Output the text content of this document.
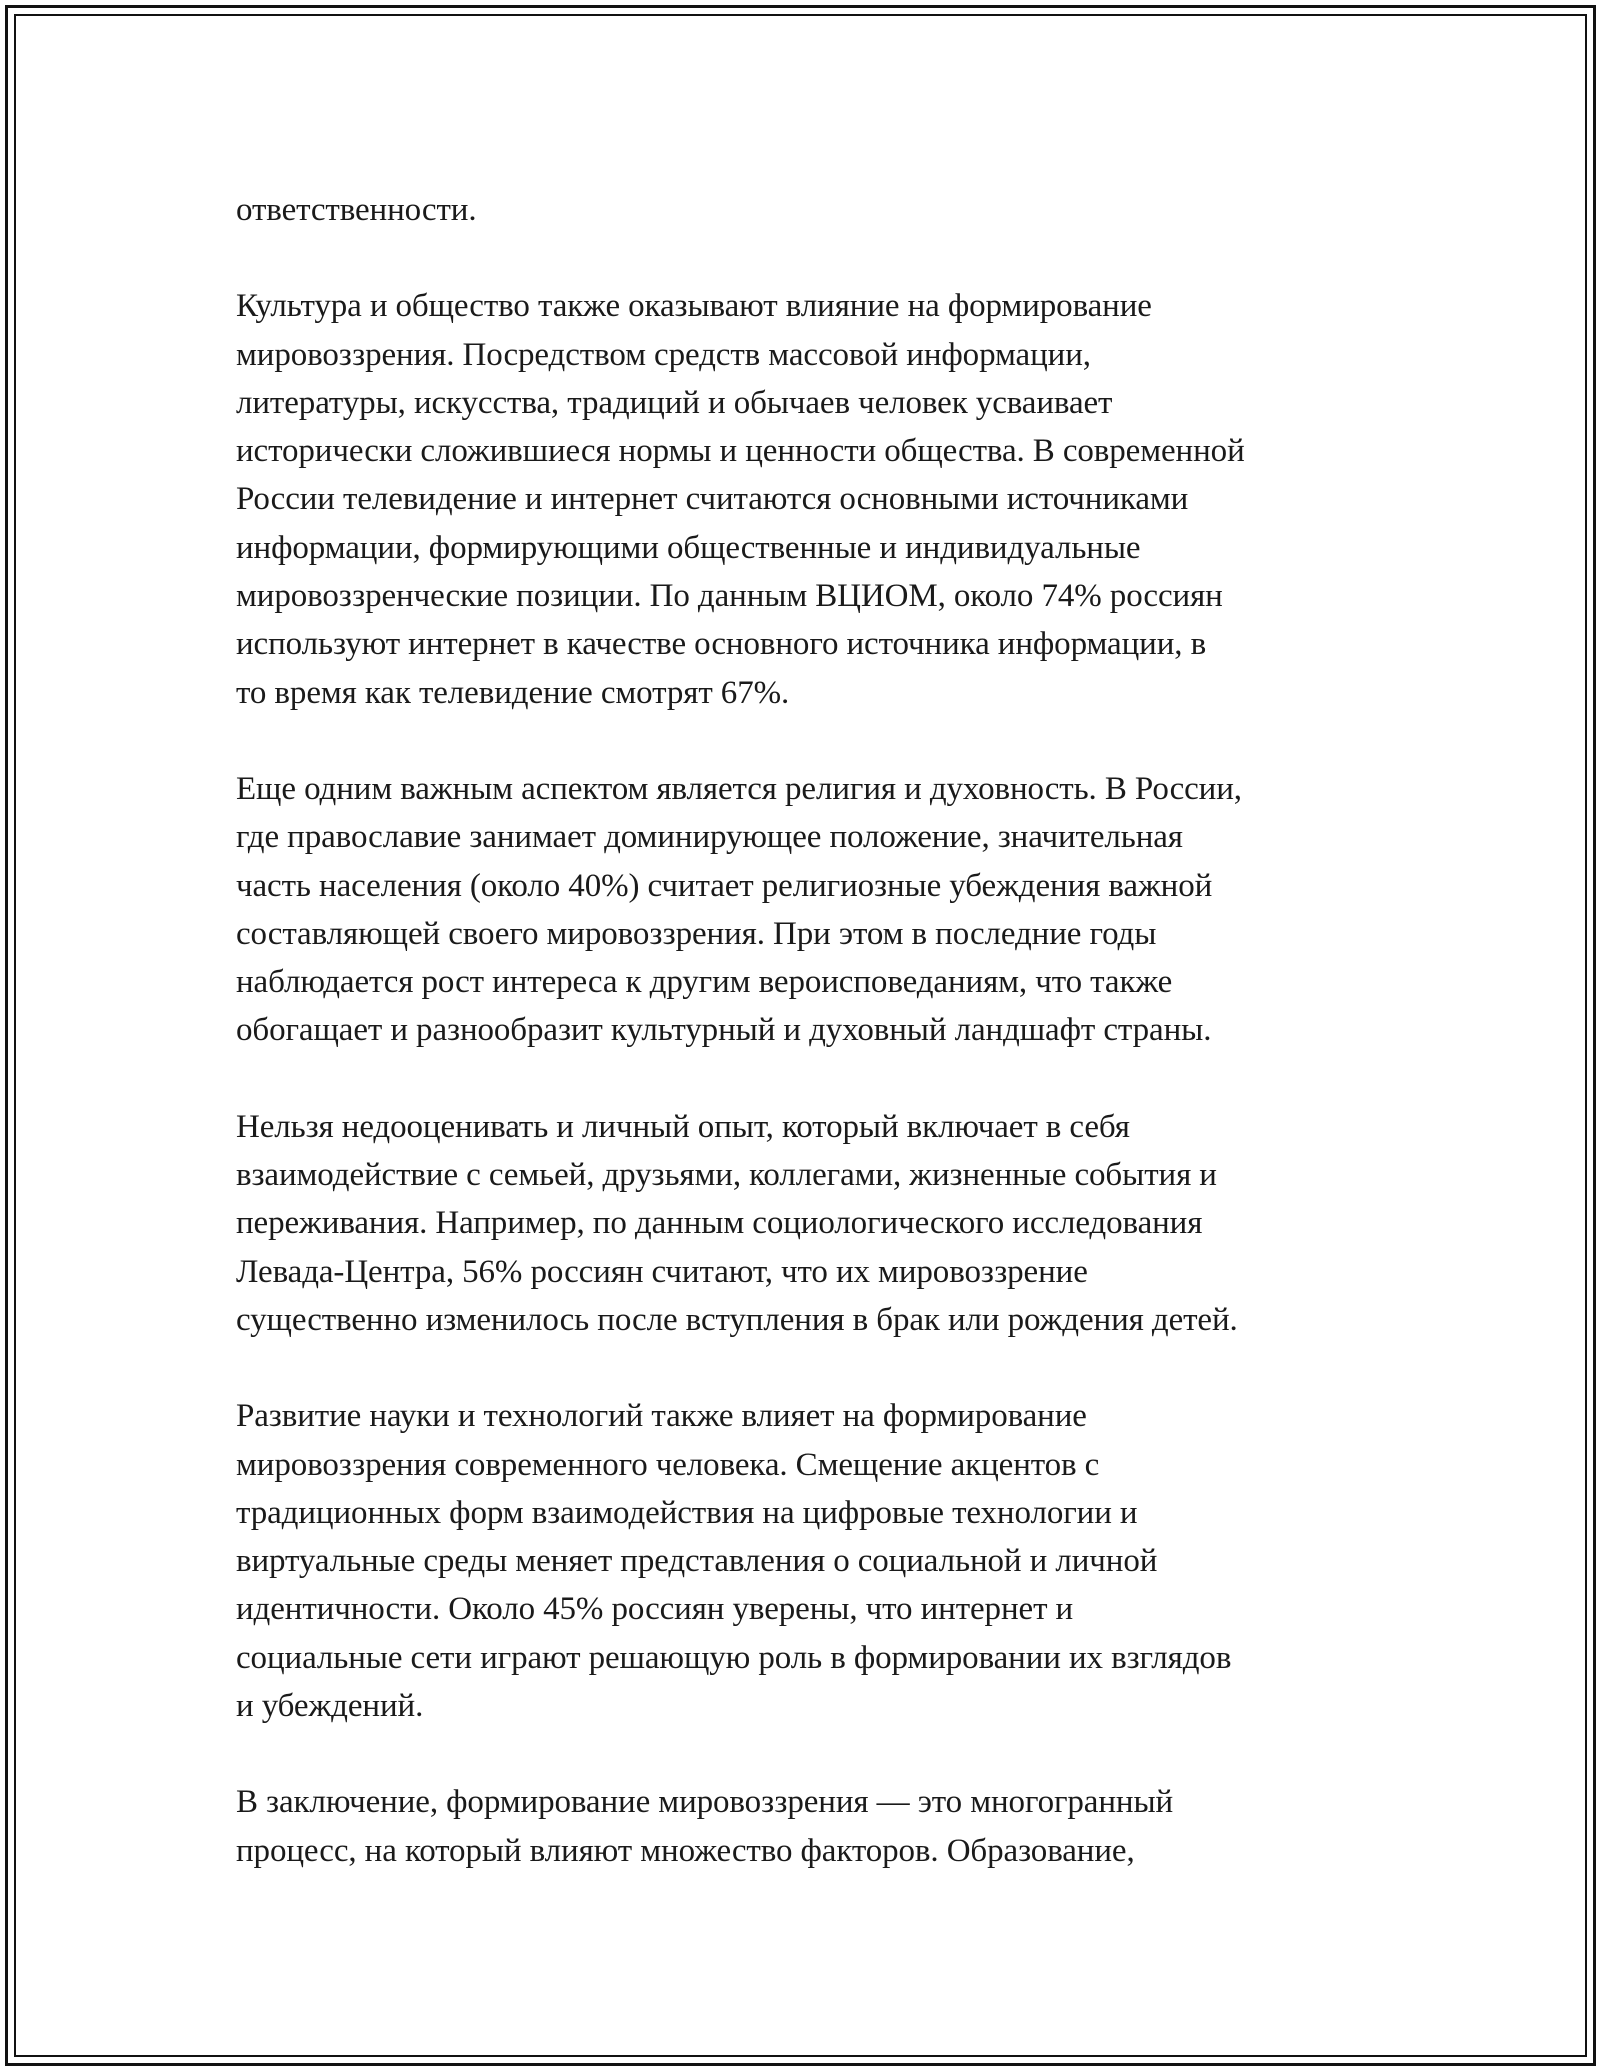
ответственности.

Культура и общество также оказывают влияние на формирование
мировоззрения. Посредством средств массовой информации,
литературы, искусства, традиций и обычаев человек усваивает
исторически сложившиеся нормы и ценности общества. В современной
России телевидение и интернет считаются основными источниками
информации, формирующими общественные и индивидуальные
мировоззренческие позиции. По данным ВЦИОМ, около 74% россиян
используют интернет в качестве основного источника информации, в
то время как телевидение смотрят 67%.

Еще одним важным аспектом является религия и духовность. В России,
где православие занимает доминирующее положение, значительная
часть населения (около 40%) считает религиозные убеждения важной
составляющей своего мировоззрения. При этом в последние годы
наблюдается рост интереса к другим вероисповеданиям, что также
обогащает и разнообразит культурный и духовный ландшафт страны.

Нельзя недооценивать и личный опыт, который включает в себя
взаимодействие с семьей, друзьями, коллегами, жизненные события и
переживания. Например, по данным социологического исследования
Левада-Центра, 56% россиян считают, что их мировоззрение
существенно изменилось после вступления в брак или рождения детей.

Развитие науки и технологий также влияет на формирование
мировоззрения современного человека. Смещение акцентов с
традиционных форм взаимодействия на цифровые технологии и
виртуальные среды меняет представления о социальной и личной
идентичности. Около 45% россиян уверены, что интернет и
социальные сети играют решающую роль в формировании их взглядов
и убеждений.

В заключение, формирование мировоззрения — это многогранный
процесс, на который влияют множество факторов. Образование,
